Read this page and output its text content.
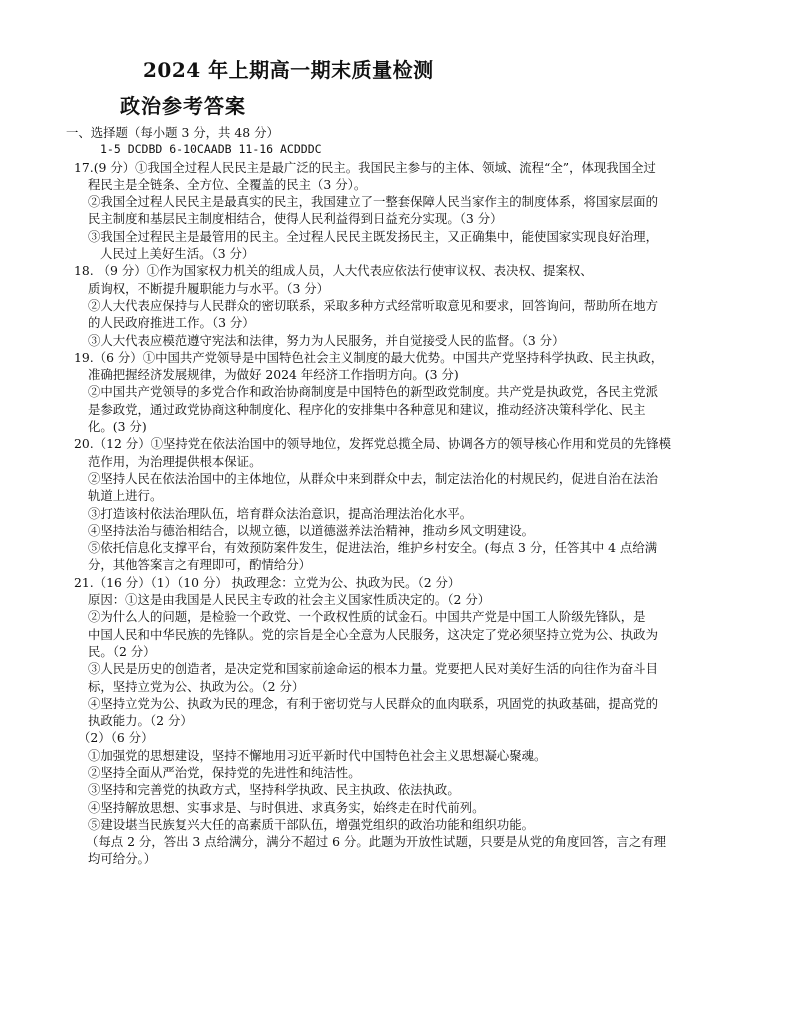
2024 年上期高一期末质量检测
政治参考答案
一、选择题（每小题 3 分，共 48 分）
1-5 DCDBD 6-10CAADB 11-16 ACDDDC
17.(9 分）①我国全过程人民民主是最广泛的民主。我国民主参与的主体、领域、流程“全”，体现我国全过
程民主是全链条、全方位、全覆盖的民主（3 分）。
②我国全过程人民民主是最真实的民主，我国建立了一整套保障人民当家作主的制度体系，将国家层面的
民主制度和基层民主制度相结合，使得人民利益得到日益充分实现。（3 分）
③我国全过程民主是最管用的民主。全过程人民民主既发扬民主，又正确集中，能使国家实现良好治理，
人民过上美好生活。（3 分）
18. （9 分）①作为国家权力机关的组成人员，人大代表应依法行使审议权、表决权、提案权、
质询权，不断提升履职能力与水平。（3 分）
②人大代表应保持与人民群众的密切联系，采取多种方式经常听取意见和要求，回答询问，帮助所在地方
的人民政府推进工作。（3 分）
③人大代表应模范遵守宪法和法律，努力为人民服务，并自觉接受人民的监督。（3 分）
19.（6 分）①中国共产党领导是中国特色社会主义制度的最大优势。中国共产党坚持科学执政、民主执政，
准确把握经济发展规律，为做好 2024 年经济工作指明方向。(3 分)
②中国共产党领导的多党合作和政治协商制度是中国特色的新型政党制度。共产党是执政党，各民主党派
是参政党，通过政党协商这种制度化、程序化的安排集中各种意见和建议，推动经济决策科学化、民主
化。(3 分)
20.（12 分）①坚持党在依法治国中的领导地位，发挥党总揽全局、协调各方的领导核心作用和党员的先锋模
范作用，为治理提供根本保证。
②坚持人民在依法治国中的主体地位，从群众中来到群众中去，制定法治化的村规民约，促进自治在法治
轨道上进行。
③打造该村依法治理队伍，培育群众法治意识，提高治理法治化水平。
④坚持法治与德治相结合，以规立德，以道德滋养法治精神，推动乡风文明建设。
⑤依托信息化支撑平台，有效预防案件发生，促进法治，维护乡村安全。(每点 3 分，任答其中 4 点给满
分，其他答案言之有理即可，酌情给分）
21.（16 分）（1）（10 分） 执政理念：立党为公、执政为民。（2 分）
原因：①这是由我国是人民民主专政的社会主义国家性质决定的。（2 分）
②为什么人的问题，是检验一个政党、一个政权性质的试金石。中国共产党是中国工人阶级先锋队，是
中国人民和中华民族的先锋队。党的宗旨是全心全意为人民服务，这决定了党必须坚持立党为公、执政为
民。（2 分）
③人民是历史的创造者，是决定党和国家前途命运的根本力量。党要把人民对美好生活的向往作为奋斗目
标，坚持立党为公、执政为公。（2 分）
④坚持立党为公、执政为民的理念，有利于密切党与人民群众的血肉联系，巩固党的执政基础，提高党的
执政能力。（2 分）
（2）（6 分）
①加强党的思想建设，坚持不懈地用习近平新时代中国特色社会主义思想凝心聚魂。
②坚持全面从严治党，保持党的先进性和纯洁性。
③坚持和完善党的执政方式，坚持科学执政、民主执政、依法执政。
④坚持解放思想、实事求是、与时俱进、求真务实，始终走在时代前列。
⑤建设堪当民族复兴大任的高素质干部队伍，增强党组织的政治功能和组织功能。
（每点 2 分，答出 3 点给满分，满分不超过 6 分。此题为开放性试题，只要是从党的角度回答，言之有理
均可给分。）
